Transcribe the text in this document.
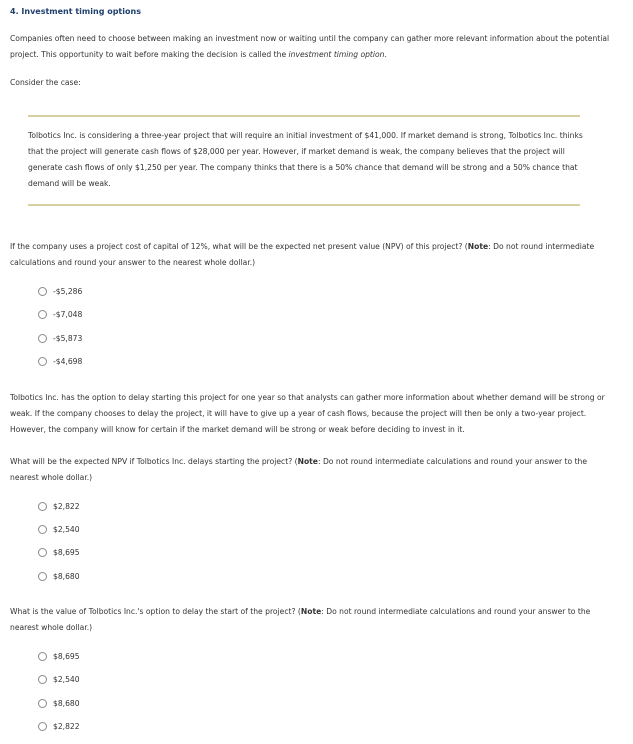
4. Investment timing options
Companies often need to choose between making an investment now or waiting until the company can gather more relevant information about the potential project. This opportunity to wait before making the decision is called the investment timing option.
Consider the case:
Tolbotics Inc. is considering a three-year project that will require an initial investment of $41,000. If market demand is strong, Tolbotics Inc. thinks that the project will generate cash flows of $28,000 per year. However, if market demand is weak, the company believes that the project will generate cash flows of only $1,250 per year. The company thinks that there is a 50% chance that demand will be strong and a 50% chance that demand will be weak.
If the company uses a project cost of capital of 12%, what will be the expected net present value (NPV) of this project? (Note: Do not round intermediate calculations and round your answer to the nearest whole dollar.)
-$5,286
-$7,048
-$5,873
-$4,698
Tolbotics Inc. has the option to delay starting this project for one year so that analysts can gather more information about whether demand will be strong or weak. If the company chooses to delay the project, it will have to give up a year of cash flows, because the project will then be only a two-year project. However, the company will know for certain if the market demand will be strong or weak before deciding to invest in it.
What will be the expected NPV if Tolbotics Inc. delays starting the project? (Note: Do not round intermediate calculations and round your answer to the nearest whole dollar.)
$2,822
$2,540
$8,695
$8,680
What is the value of Tolbotics Inc.'s option to delay the start of the project? (Note: Do not round intermediate calculations and round your answer to the nearest whole dollar.)
$8,695
$2,540
$8,680
$2,822
